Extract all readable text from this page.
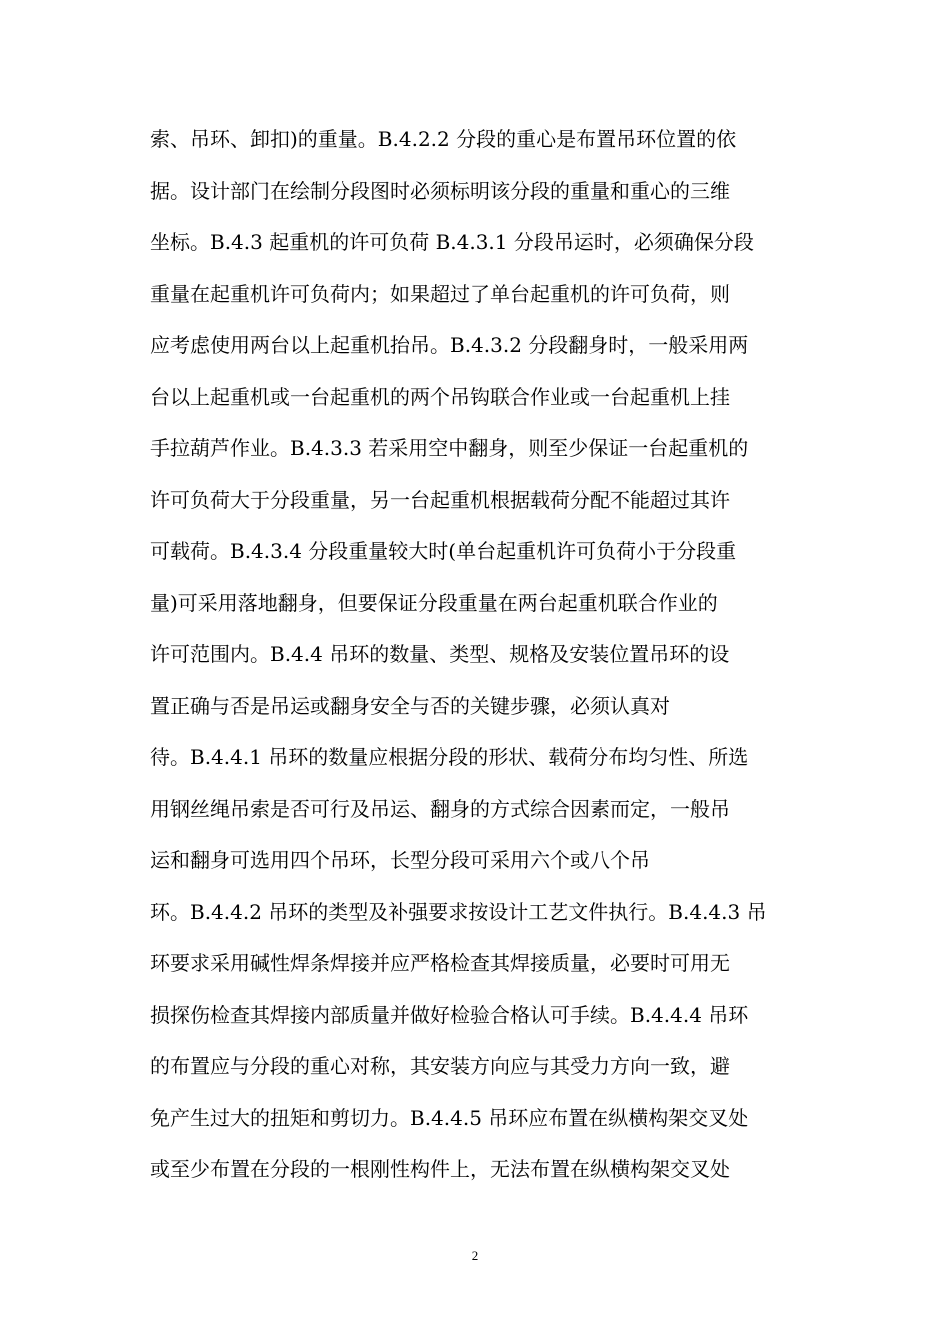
索、吊环、卸扣)的重量。B.4.2.2 分段的重心是布置吊环位置的依
据。设计部门在绘制分段图时必须标明该分段的重量和重心的三维
坐标。B.4.3 起重机的许可负荷 B.4.3.1 分段吊运时，必须确保分段
重量在起重机许可负荷内；如果超过了单台起重机的许可负荷，则
应考虑使用两台以上起重机抬吊。B.4.3.2 分段翻身时，一般采用两
台以上起重机或一台起重机的两个吊钩联合作业或一台起重机上挂
手拉葫芦作业。B.4.3.3 若采用空中翻身，则至少保证一台起重机的
许可负荷大于分段重量，另一台起重机根据载荷分配不能超过其许
可载荷。B.4.3.4 分段重量较大时(单台起重机许可负荷小于分段重
量)可采用落地翻身，但要保证分段重量在两台起重机联合作业的
许可范围内。B.4.4 吊环的数量、类型、规格及安装位置吊环的设
置正确与否是吊运或翻身安全与否的关键步骤，必须认真对
待。B.4.4.1 吊环的数量应根据分段的形状、载荷分布均匀性、所选
用钢丝绳吊索是否可行及吊运、翻身的方式综合因素而定，一般吊
运和翻身可选用四个吊环，长型分段可采用六个或八个吊
环。B.4.4.2 吊环的类型及补强要求按设计工艺文件执行。B.4.4.3 吊
环要求采用碱性焊条焊接并应严格检查其焊接质量，必要时可用无
损探伤检查其焊接内部质量并做好检验合格认可手续。B.4.4.4 吊环
的布置应与分段的重心对称，其安装方向应与其受力方向一致，避
免产生过大的扭矩和剪切力。B.4.4.5 吊环应布置在纵横构架交叉处
或至少布置在分段的一根刚性构件上，无法布置在纵横构架交叉处
2
